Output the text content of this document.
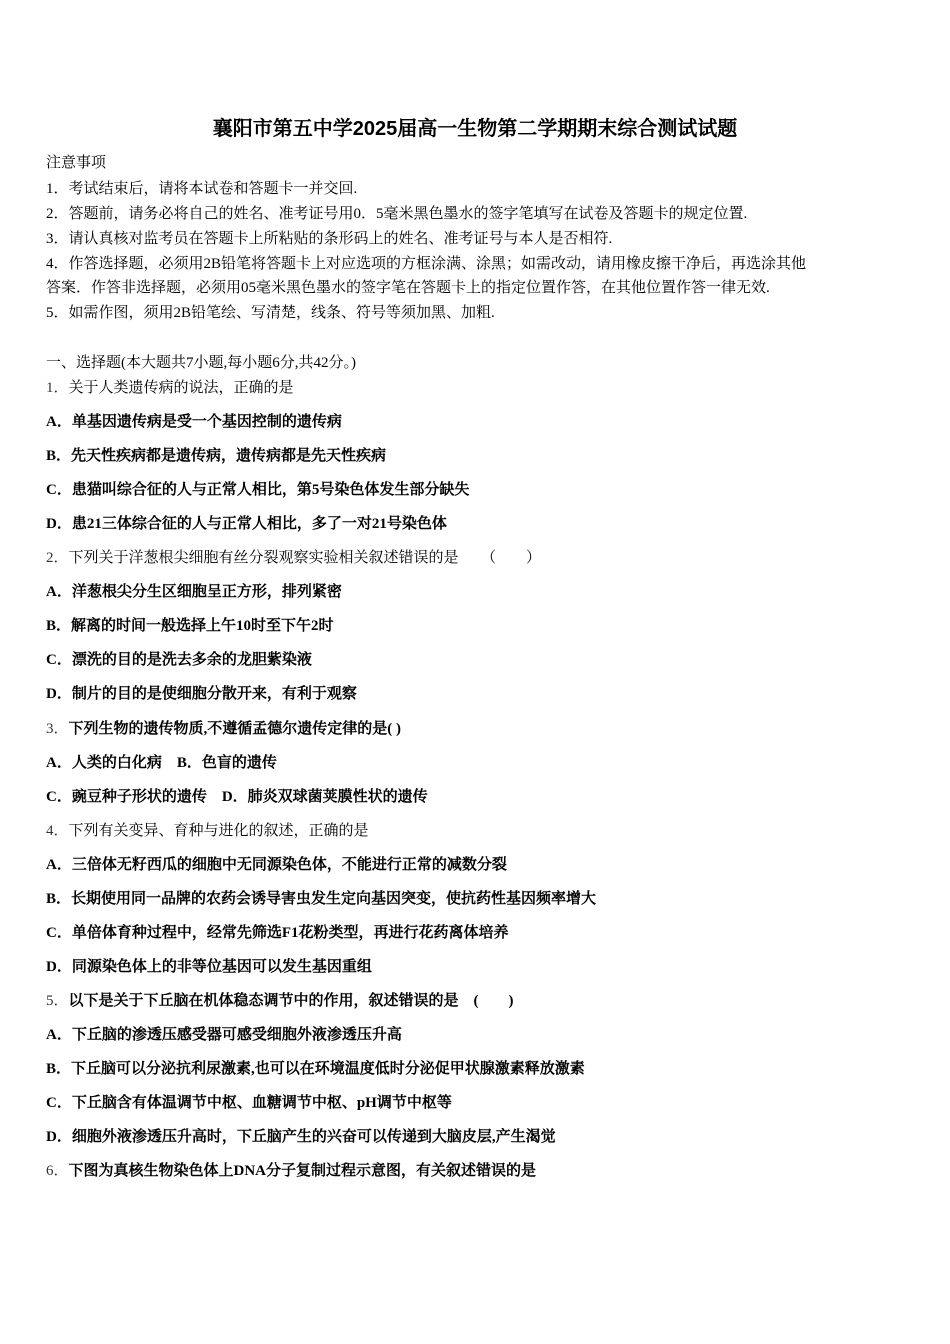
襄阳市第五中学2025届高一生物第二学期期末综合测试试题
注意事项
1．考试结束后，请将本试卷和答题卡一并交回.
2．答题前，请务必将自己的姓名、准考证号用0．5毫米黑色墨水的签字笔填写在试卷及答题卡的规定位置.
3．请认真核对监考员在答题卡上所粘贴的条形码上的姓名、准考证号与本人是否相符.
4．作答选择题，必须用2B铅笔将答题卡上对应选项的方框涂满、涂黑；如需改动，请用橡皮擦干净后，再选涂其他
答案．作答非选择题，必须用05毫米黑色墨水的签字笔在答题卡上的指定位置作答，在其他位置作答一律无效.
5．如需作图，须用2B铅笔绘、写清楚，线条、符号等须加黑、加粗.
一、选择题(本大题共7小题,每小题6分,共42分。)
1．关于人类遗传病的说法，正确的是
A．单基因遗传病是受一个基因控制的遗传病
B．先天性疾病都是遗传病，遗传病都是先天性疾病
C．患猫叫综合征的人与正常人相比，第5号染色体发生部分缺失
D．患21三体综合征的人与正常人相比，多了一对21号染色体
2．下列关于洋葱根尖细胞有丝分裂观察实验相关叙述错误的是　　（　　）
A．洋葱根尖分生区细胞呈正方形，排列紧密
B．解离的时间一般选择上午10时至下午2时
C．漂洗的目的是洗去多余的龙胆紫染液
D．制片的目的是使细胞分散开来，有利于观察
3．下列生物的遗传物质,不遵循孟德尔遗传定律的是( )
A．人类的白化病　B．色盲的遗传
C．豌豆种子形状的遗传　D．肺炎双球菌荚膜性状的遗传
4．下列有关变异、育种与进化的叙述，正确的是
A．三倍体无籽西瓜的细胞中无同源染色体，不能进行正常的减数分裂
B．长期使用同一品牌的农药会诱导害虫发生定向基因突变，使抗药性基因频率增大
C．单倍体育种过程中，经常先筛选F1花粉类型，再进行花药离体培养
D．同源染色体上的非等位基因可以发生基因重组
5．以下是关于下丘脑在机体稳态调节中的作用，叙述错误的是　(　　)
A．下丘脑的渗透压感受器可感受细胞外液渗透压升高
B．下丘脑可以分泌抗利尿激素,也可以在环境温度低时分泌促甲状腺激素释放激素
C．下丘脑含有体温调节中枢、血糖调节中枢、pH调节中枢等
D．细胞外液渗透压升高时，下丘脑产生的兴奋可以传递到大脑皮层,产生渴觉
6．下图为真核生物染色体上DNA分子复制过程示意图，有关叙述错误的是
